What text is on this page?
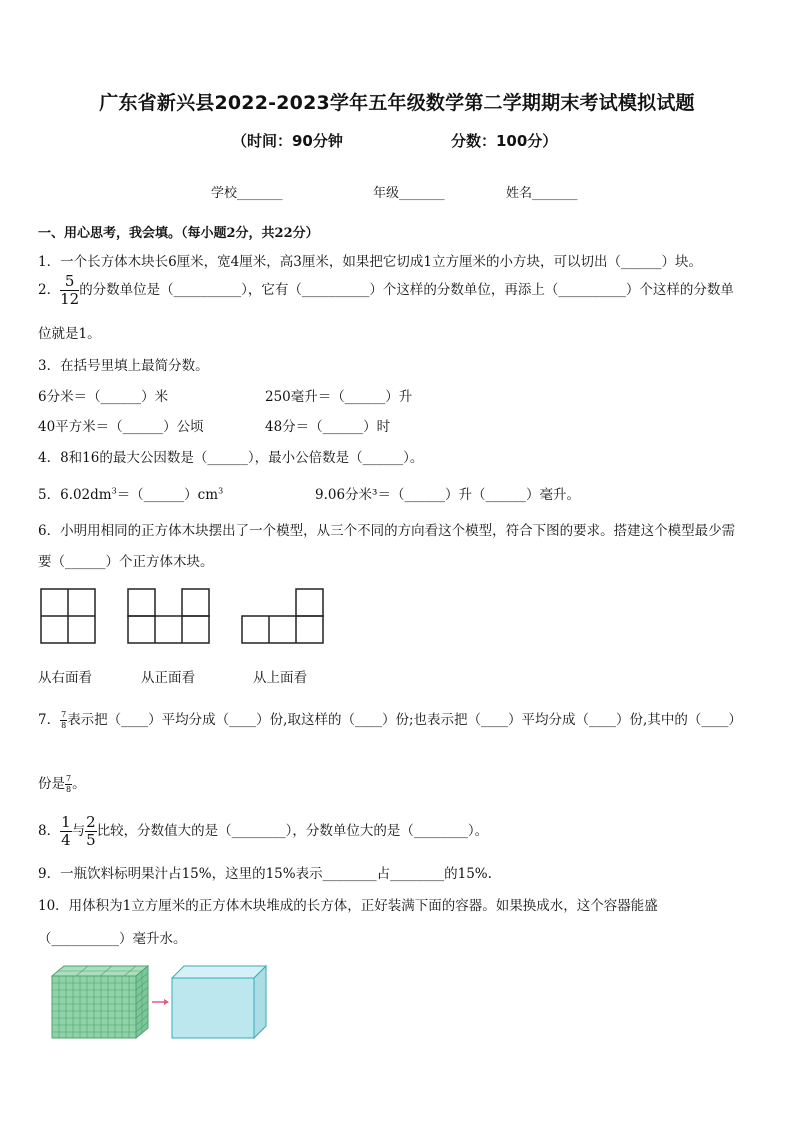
广东省新兴县2022-2023学年五年级数学第二学期期末考试模拟试题
（时间：90分钟	分数：100分）
学校_______	年级_______	姓名_______
一、用心思考，我会填。（每小题2分，共22分）
1．一个长方体木块长6厘米，宽4厘米，高3厘米，如果把它切成1立方厘米的小方块，可以切出（______）块。
2． $\frac{5}{12}$ 的分数单位是（__________），它有（__________）个这样的分数单位，再添上（__________）个这样的分数单
位就是1。
3．在括号里填上最简分数。
6分米＝（______）米	250毫升＝（______）升
40平方米＝（______）公顷	48分＝（______）时
4．8和16的最大公因数是（______），最小公倍数是（______）。
5．$6.02dm^3=(\_\_\_\_\_\_)cm^3$	9.06分米³＝（______）升（______）毫升。
6．小明用相同的正方体木块摆出了一个模型，从三个不同的方向看这个模型，符合下图的要求。搭建这个模型最少需
要（______）个正方体木块。
从右面看	从正面看	从上面看
7． $\frac{7}{8}$ 表示把（____）平均分成（____）份,取这样的（____）份;也表示把（____）平均分成（____）份,其中的（____）
份是 $\frac{7}{8}$ 。
8． $\frac{1}{4}$ 与 $\frac{2}{5}$ 比较，分数值大的是（________），分数单位大的是（________）。
9．一瓶饮料标明果汁占15%，这里的15%表示________占________的15%.
10．用体积为1立方厘米的正方体木块堆成的长方体，正好装满下面的容器。如果换成水，这个容器能盛
（__________）毫升水。
